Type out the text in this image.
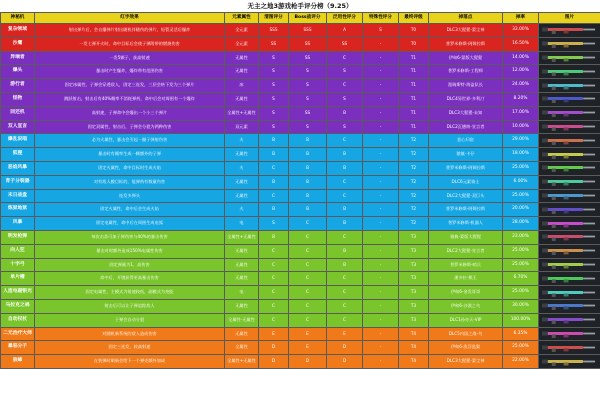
无主之地3游戏枪手评分榜（9.25）
神秘机	红字效果	元素属性	清图评分	Boss战评分	泛用性评分	特殊性评分	最终评级	掉落点	掉率	图片
复杂领域	射出弹片后，会自爆弹片射出随机伴随伤的弹片，短暂灵活后爆炸	全元素	SSS	SSS	A	S	T0	DLC3大猩猩-蒙尘神	33.00%	

沙鹰	一发七弹开火时，命中目标后会使子弹附带的燃烧伤害	全元素	SS	SS	SS	-	T0	普罗米修斯-阿姆拉斯	16.50%	

异端者	一发5颗子，获高射速	无属性	S	SS	C	-	T1	伊甸6-蒙版大猩猩	14.00%	

爆头	暴击时产生爆炸，爆炸带有范围伤害	无属性	S	S	S	-	T1	普罗米修斯-工程师	12.00%	

游行者	固定冰属性，子弹会穿透敌人，固定三连发，三层会转下发为三个弹片	冰	S	S	C	-	T1	派瑞斯特-海盗队长	24.00%	

怪物	跳跃射击，射击后有40%概率不消耗弹药，命中后会对周围有一个爆炸	无属性	S	S	S	-	T1	DLC4异世界-多利汀	8.20%	

回还机	高射速，子弹命中会爆出一个小三个弹片	全属性+无属性	S	SS	B	-	T1	DLC3大猩猩-未知	17.00%	

双人宣言	固定双属性，射击后，子弹会分裂为两种伤害	双元素	S	S	S	-	T1	DLC2瓦德纳-宣言者	10.00%	

爆乱说唱	必为火属性，暴击会引起一圈子弹射伤害	火	B	B	C	-	T2	悲心归宿	29.00%	

狐狸	暴击时有概率生成一颗额外的子弹	无属性	B	B	B	-	T2	狼镇-卡仔	18.00%	

恶焰风暴	固定火属性，命中目标时生成火焰	火	C	B	B	-	T2	普罗米修斯-阿姆拉斯	25.00%	

育子分裂器	对有敌人模目标的，能弹药有数量伤害	无属性	B	B	C	-	T2	DLC6元素骑士	6.00%	

末日战盘	连发多弹头	无属性	C	B	C	-	T2	DLC2大猩猩-双巨头	25.00%	

炼狱地狱	固定火属性，命中后会生成火焰	火	B	B	B	-	T2	普罗米修斯-阿姆拉斯	20.00%	

风暴	固定电属性，命中后在周围生成电弧	电	S	C	B	-	T2	普罗米修斯-机器人	28.00%	

明发枪弹	每次击杀可加子弹伤害与40%的暴击伤害	全属性+无属性	B	C	C	-	T3	雅典-蒙版大猩猩	23.00%	

向人狂	暴击对时额外造成150%电属性伤害	无属性	C	C	B	-	T3	DLC2大猩猩-宣言者	25.00%	

十字弓	固定弹量为1，高伤害	无属性	C	C	B	-	T3	普罗米修斯-哨兵	25.00%	

单片槽	命中后，开镜获得更高暴击伤害	无属性	C	C	C	-	T3	潘多拉-熊王	6.70%	

人造电磁银光	固定电属性，主模式为射速较低，副模式为充能	电	C	C	C	-	T3	伊甸6-金发哥哥	25.00%	

马拉克之祸	射击后可以让子弹追踪敌人	无属性	C	C	C	-	T3	伊甸6-沙漠之鸟	30.00%	

自动权杖	子弹会自动分裂	全属性-无属性	C	C	C	-	T3	DLC1孙亦天-VIP	100.00%	

二元治疗大师	对随机新系统的敌人造成伤害	无属性	E	E	E	-	T4	DLC5内国之战-鸟	6.25%	

暴怒分子	固定三连发，较高射速	全属性	D	E	D	-	T4	伊甸6-洗浮监狱	25.00%	

狼蜂	在装弹时刷新会给下一个弹壳额外加成	全属性+无属性	D	D	D	-	T4	DLC3大猩猩-蒙尘神	22.00%	
